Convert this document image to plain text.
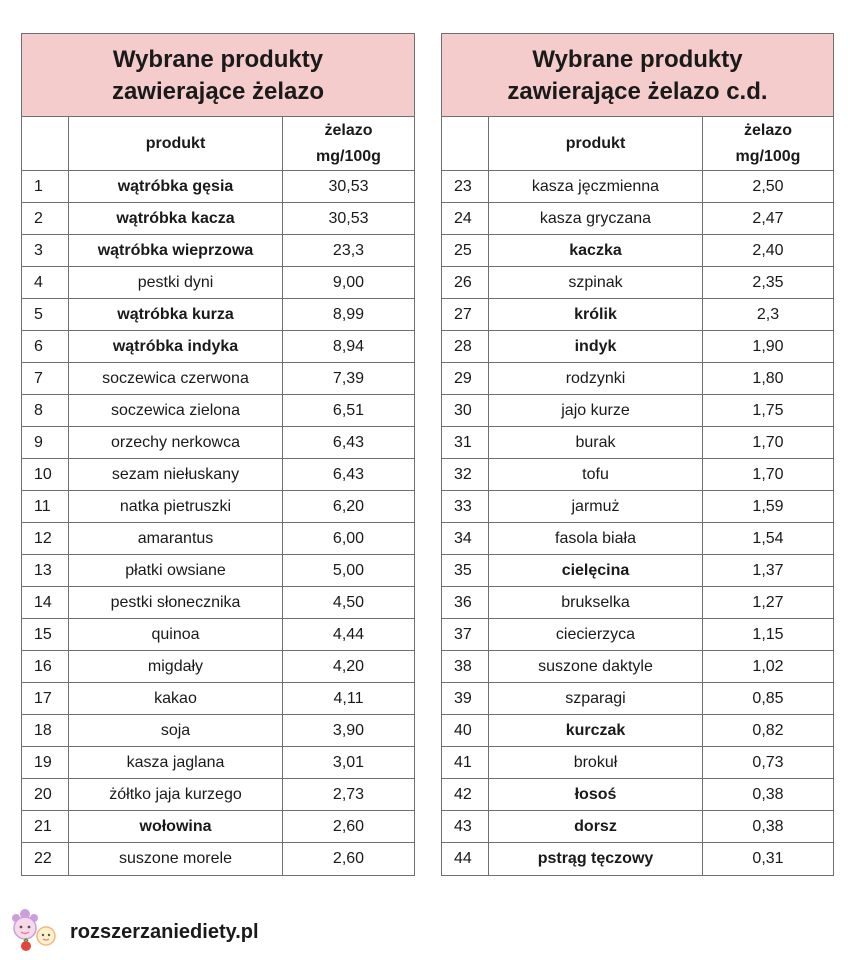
Wybrane produkty
zawierające żelazo
produkt
żelazo
mg/100g
1	wątróbka gęsia	30,53
2	wątróbka kacza	30,53
3	wątróbka wieprzowa	23,3
4	pestki dyni	9,00
5	wątróbka kurza	8,99
6	wątróbka indyka	8,94
7	soczewica czerwona	7,39
8	soczewica zielona	6,51
9	orzechy nerkowca	6,43
10	sezam niełuskany	6,43
11	natka pietruszki	6,20
12	amarantus	6,00
13	płatki owsiane	5,00
14	pestki słonecznika	4,50
15	quinoa	4,44
16	migdały	4,20
17	kakao	4,11
18	soja	3,90
19	kasza jaglana	3,01
20	żółtko jaja kurzego	2,73
21	wołowina	2,60
22	suszone morele	2,60
Wybrane produkty
zawierające żelazo c.d.
produkt
żelazo
mg/100g
23	kasza jęczmienna	2,50
24	kasza gryczana	2,47
25	kaczka	2,40
26	szpinak	2,35
27	królik	2,3
28	indyk	1,90
29	rodzynki	1,80
30	jajo kurze	1,75
31	burak	1,70
32	tofu	1,70
33	jarmuż	1,59
34	fasola biała	1,54
35	cielęcina	1,37
36	brukselka	1,27
37	ciecierzyca	1,15
38	suszone daktyle	1,02
39	szparagi	0,85
40	kurczak	0,82
41	brokuł	0,73
42	łosoś	0,38
43	dorsz	0,38
44	pstrąg tęczowy	0,31
rozszerzaniediety.pl
